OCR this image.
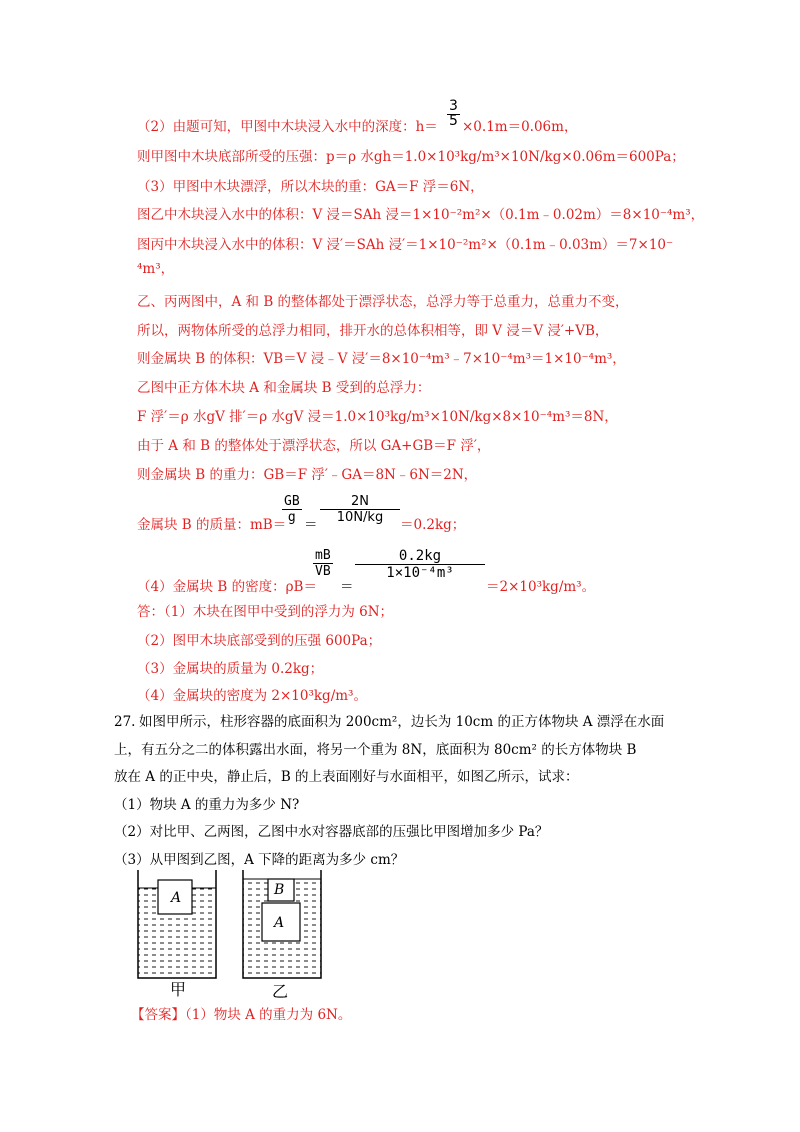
（2）由题可知，甲图中木块浸入水中的深度：h＝
3
5 ×0.1m＝0.06m，
则甲图中木块底部所受的压强：p＝ρ 水gh＝1.0×10³kg/m³×10N/kg×0.06m＝600Pa；
（3）甲图中木块漂浮，所以木块的重：GA＝F 浮＝6N，
图乙中木块浸入水中的体积：V 浸＝SAh 浸＝1×10⁻²m²×（0.1m﹣0.02m）＝8×10⁻⁴m³，
图丙中木块浸入水中的体积：V 浸′＝SAh 浸′＝1×10⁻²m²×（0.1m﹣0.03m）＝7×10⁻
⁴m³，
乙、丙两图中，A 和 B 的整体都处于漂浮状态，总浮力等于总重力，总重力不变，
所以，两物体所受的总浮力相同，排开水的总体积相等，即 V 浸＝V 浸′+VB，
则金属块 B 的体积：VB＝V 浸﹣V 浸′＝8×10⁻⁴m³﹣7×10⁻⁴m³＝1×10⁻⁴m³，
乙图中正方体木块 A 和金属块 B 受到的总浮力：
F 浮′＝ρ 水gV 排′＝ρ 水gV 浸＝1.0×10³kg/m³×10N/kg×8×10⁻⁴m³＝8N，
由于 A 和 B 的整体处于漂浮状态，所以 GA+GB＝F 浮′，
则金属块 B 的重力：GB＝F 浮′﹣GA＝8N﹣6N＝2N，
金属块 B 的质量：mB＝
GB
g ＝
2N
10N/kg	＝0.2kg；
（4）金属块 B 的密度：ρB＝
mB
VB
＝
0.2kg
1×10⁻⁴m³
＝2×10³kg/m³。
答：（1）木块在图甲中受到的浮力为 6N；
（2）图甲木块底部受到的压强 600Pa；
（3）金属块的质量为 0.2kg；
（4）金属块的密度为 2×10³kg/m³。
27. 如图甲所示，柱形容器的底面积为 200cm²，边长为 10cm 的正方体物块 A 漂浮在水面
上，有五分之二的体积露出水面，将另一个重为 8N，底面积为 80cm² 的长方体物块 B
放在 A 的正中央，静止后，B 的上表面刚好与水面相平，如图乙所示，试求：
（1）物块 A 的重力为多少 N?
（2）对比甲、乙两图，乙图中水对容器底部的压强比甲图增加多少 Pa？
（3）从甲图到乙图，A 下降的距离为多少 cm？
A	B
A
甲	乙
【答案】（1）物块 A 的重力为 6N。
